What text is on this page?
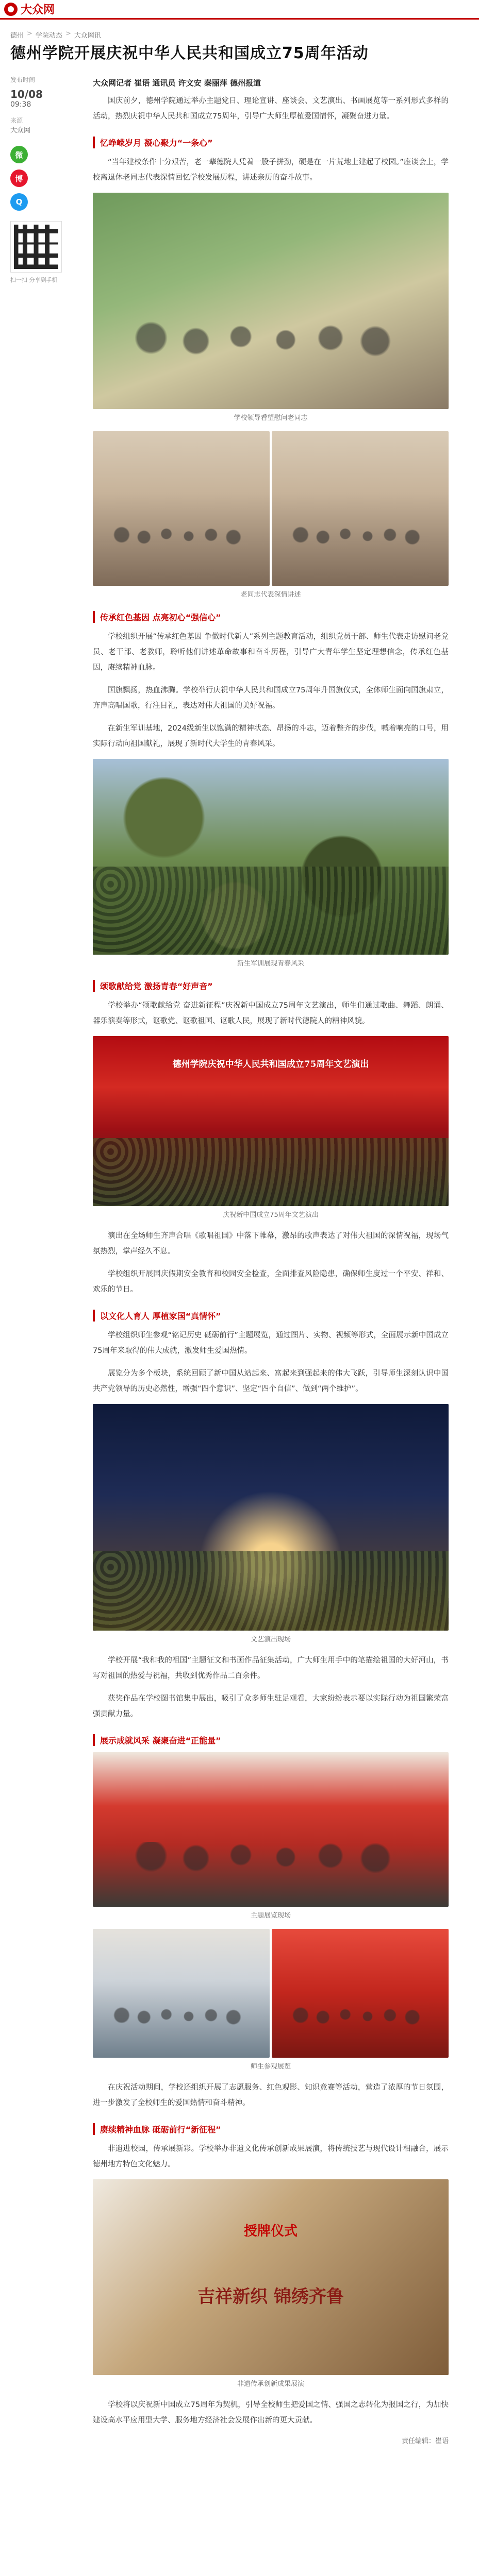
大众网
德州 > 学院动态 > 大众网讯
德州学院开展庆祝中华人民共和国成立75周年活动
发布时间
10/08
09:38
来源
大众网
微
博
Q
扫一扫 分享到手机
大众网记者 崔语 通讯员 许文安 秦丽萍 德州报道

国庆前夕，德州学院通过举办主题党日、理论宣讲、座谈会、文艺演出、书画展览等一系列形式多样的活动，热烈庆祝中华人民共和国成立75周年，引导广大师生厚植爱国情怀，凝聚奋进力量。

忆峥嵘岁月 凝心聚力“一条心”

“当年建校条件十分艰苦，老一辈德院人凭着一股子拼劲，硬是在一片荒地上建起了校园。”座谈会上，学校离退休老同志代表深情回忆学校发展历程，讲述亲历的奋斗故事。

学校领导看望慰问老同志
老同志代表深情讲述
传承红色基因 点亮初心“强信心”

学校组织开展“传承红色基因 争做时代新人”系列主题教育活动，组织党员干部、师生代表走访慰问老党员、老干部、老教师，聆听他们讲述革命故事和奋斗历程，引导广大青年学生坚定理想信念，传承红色基因，赓续精神血脉。

国旗飘扬，热血沸腾。学校举行庆祝中华人民共和国成立75周年升国旗仪式，全体师生面向国旗肃立，齐声高唱国歌，行注目礼，表达对伟大祖国的美好祝福。

在新生军训基地，2024级新生以饱满的精神状态、昂扬的斗志，迈着整齐的步伐，喊着响亮的口号，用实际行动向祖国献礼，展现了新时代大学生的青春风采。

新生军训展现青春风采
颂歌献给党 激扬青春“好声音”

学校举办“颂歌献给党 奋进新征程”庆祝新中国成立75周年文艺演出，师生们通过歌曲、舞蹈、朗诵、器乐演奏等形式，讴歌党、讴歌祖国、讴歌人民，展现了新时代德院人的精神风貌。

德州学院庆祝中华人民共和国成立75周年文艺演出
庆祝新中国成立75周年文艺演出

演出在全场师生齐声合唱《歌唱祖国》中落下帷幕，激昂的歌声表达了对伟大祖国的深情祝福，现场气氛热烈，掌声经久不息。

学校组织开展国庆假期安全教育和校园安全检查，全面排查风险隐患，确保师生度过一个平安、祥和、欢乐的节日。

以文化人育人 厚植家国“真情怀”

学校组织师生参观“铭记历史 砥砺前行”主题展览，通过图片、实物、视频等形式，全面展示新中国成立75周年来取得的伟大成就，激发师生爱国热情。

展览分为多个板块，系统回顾了新中国从站起来、富起来到强起来的伟大飞跃，引导师生深刻认识中国共产党领导的历史必然性，增强“四个意识”、坚定“四个自信”、做到“两个维护”。

文艺演出现场

学校开展“我和我的祖国”主题征文和书画作品征集活动，广大师生用手中的笔描绘祖国的大好河山，书写对祖国的热爱与祝福，共收到优秀作品二百余件。

获奖作品在学校图书馆集中展出，吸引了众多师生驻足观看，大家纷纷表示要以实际行动为祖国繁荣富强贡献力量。

展示成就风采 凝聚奋进“正能量”
主题展览现场
师生参观展览

在庆祝活动期间，学校还组织开展了志愿服务、红色观影、知识竞赛等活动，营造了浓厚的节日氛围，进一步激发了全校师生的爱国热情和奋斗精神。

赓续精神血脉 砥砺前行“新征程”

非遗进校园，传承展新彩。学校举办非遗文化传承创新成果展演，将传统技艺与现代设计相融合，展示德州地方特色文化魅力。

授牌仪式
吉祥新织 锦绣齐鲁
非遗传承创新成果展演

学校将以庆祝新中国成立75周年为契机，引导全校师生把爱国之情、强国之志转化为报国之行，为加快建设高水平应用型大学、服务地方经济社会发展作出新的更大贡献。

责任编辑：崔语
